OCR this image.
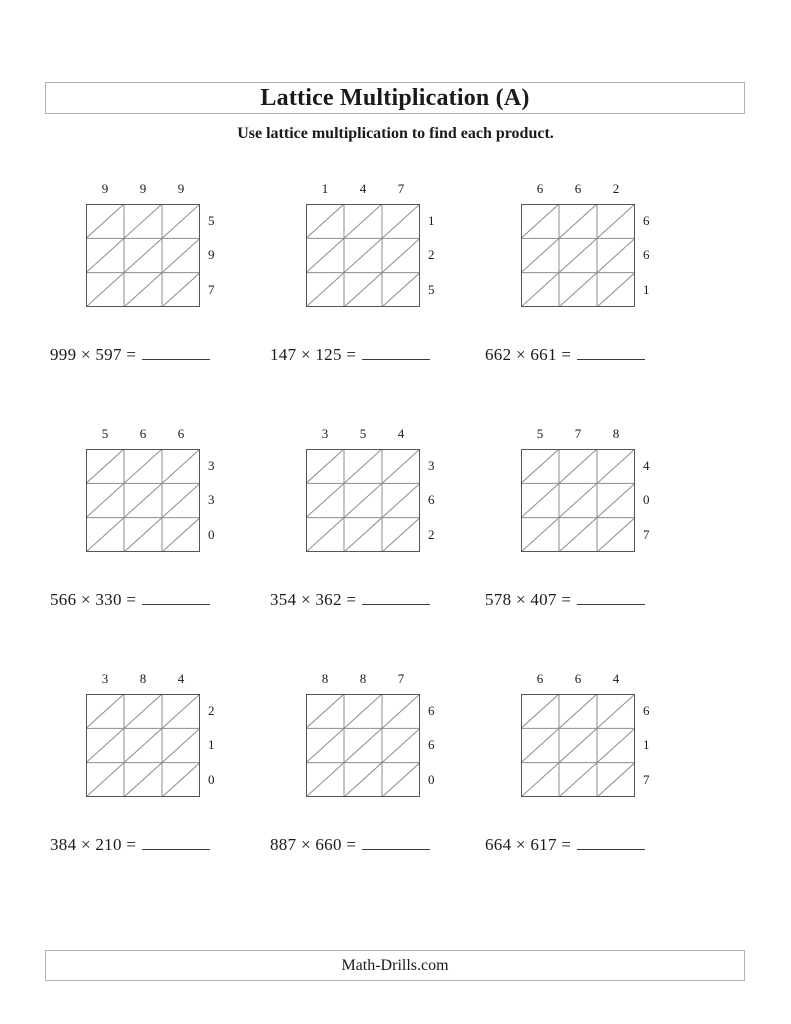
Lattice Multiplication (A)
Use lattice multiplication to find each product.
9	9	9
5
9
7
999 × 597 =
1	4	7
1
2
5
147 × 125 =
6	6	2
6
6
1
662 × 661 =
5	6	6
3
3
0
566 × 330 =
3	5	4
3
6
2
354 × 362 =
5	7	8
4
0
7
578 × 407 =
3	8	4
2
1
0
384 × 210 =
8	8	7
6
6
0
887 × 660 =
6	6	4
6
1
7
664 × 617 =
Math-Drills.com
